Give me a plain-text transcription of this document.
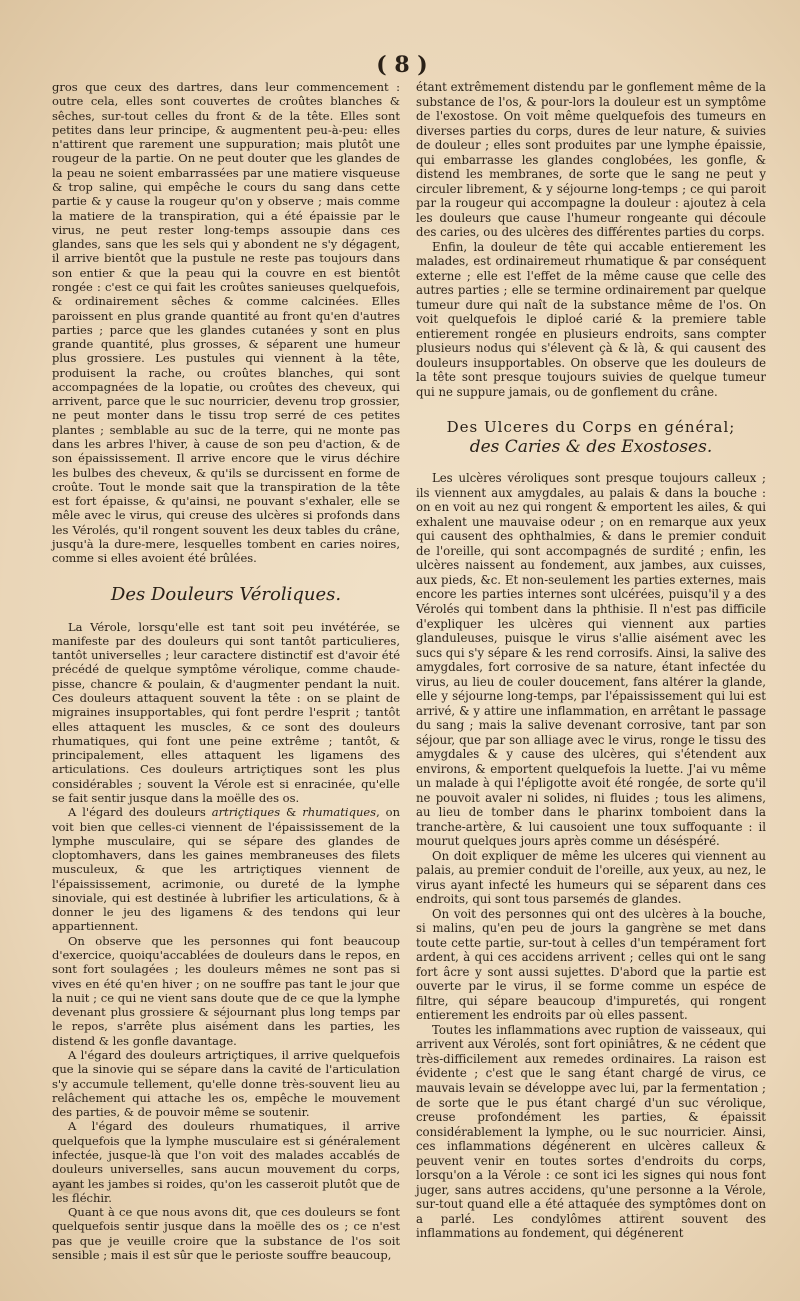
( 8 )

gros que ceux des dartres, dans leur commencement : outre cela, elles sont couvertes de croûtes blanches & sêches, sur-tout celles du front & de la tête. Elles sont petites dans leur principe, & augmentent peu-à-peu: elles n'attirent que rarement une suppuration; mais plutôt une rougeur de la partie. On ne peut douter que les glandes de la peau ne soient embarrassées par une matiere visqueuse & trop saline, qui empêche le cours du sang dans cette partie & y cause la rougeur qu'on y observe ; mais comme la matiere de la transpiration, qui a été épaissie par le virus, ne peut rester long-temps assoupie dans ces glandes, sans que les sels qui y abondent ne s'y dégagent, il arrive bientôt que la pustule ne reste pas toujours dans son entier & que la peau qui la couvre en est bientôt rongée : c'est ce qui fait les croûtes sanieuses quelquefois, & ordinairement sêches & comme calcinées. Elles paroissent en plus grande quantité au front qu'en d'autres parties ; parce que les glandes cutanées y sont en plus grande quantité, plus grosses, & séparent une humeur plus grossiere. Les pustules qui viennent à la tête, produisent la rache, ou croûtes blanches, qui sont accompagnées de la lopatie, ou croûtes des cheveux, qui arrivent, parce que le suc nourricier, devenu trop grossier, ne peut monter dans le tissu trop serré de ces petites plantes ; semblable au suc de la terre, qui ne monte pas dans les arbres l'hiver, à cause de son peu d'action, & de son épaississement. Il arrive encore que le virus déchire les bulbes des cheveux, & qu'ils se durcissent en forme de croûte. Tout le monde sait que la transpiration de la tête est fort épaisse, & qu'ainsi, ne pouvant s'exhaler, elle se mêle avec le virus, qui creuse des ulcères si profonds dans les Vérolés, qu'il rongent souvent les deux tables du crâne, jusqu'à la dure-mere, lesquelles tombent en caries noires, comme si elles avoient été brûlées.

Des Douleurs Véroliques.

La Vérole, lorsqu'elle est tant soit peu invétérée, se manifeste par des douleurs qui sont tantôt particulieres, tantôt universelles ; leur caractere distinctif est d'avoir été précédé de quelque symptôme vérolique, comme chaude-pisse, chancre & poulain, & d'augmenter pendant la nuit. Ces douleurs attaquent souvent la tête : on se plaint de migraines insupportables, qui font perdre l'esprit ; tantôt elles attaquent les muscles, & ce sont des douleurs rhumatiques, qui font une peine extrême ; tantôt, & principalement, elles attaquent les ligamens des articulations. Ces douleurs artriçtiques sont les plus considérables ; souvent la Vérole est si enracinée, qu'elle se fait sentir jusque dans la moëlle des os.

A l'égard des douleurs artriçtiques & rhumatiques, on voit bien que celles-ci viennent de l'épaississement de la lymphe musculaire, qui se sépare des glandes de cloptomhavers, dans les gaines membraneuses des filets musculeux, & que les artriçtiques viennent de l'épaississement, acrimonie, ou dureté de la lymphe sinoviale, qui est destinée à lubrifier les articulations, & à donner le jeu des ligamens & des tendons qui leur appartiennent.

On observe que les personnes qui font beaucoup d'exercice, quoiqu'accablées de douleurs dans le repos, en sont fort soulagées ; les douleurs mêmes ne sont pas si vives en été qu'en hiver ; on ne souffre pas tant le jour que la nuit ; ce qui ne vient sans doute que de ce que la lymphe devenant plus grossiere & séjournant plus long temps par le repos, s'arrête plus aisément dans les parties, les distend & les gonfle davantage.

A l'égard des douleurs artriçtiques, il arrive quelquefois que la sinovie qui se sépare dans la cavité de l'articulation s'y accumule tellement, qu'elle donne très-souvent lieu au relâchement qui attache les os, empêche le mouvement des parties, & de pouvoir même se soutenir.

A l'égard des douleurs rhumatiques, il arrive quelquefois que la lymphe musculaire est si généralement infectée, jusque-là que l'on voit des malades accablés de douleurs universelles, sans aucun mouvement du corps, ayant les jambes si roides, qu'on les casseroit plutôt que de les fléchir.

Quant à ce que nous avons dit, que ces douleurs se font quelquefois sentir jusque dans la moëlle des os ; ce n'est pas que je veuille croire que la substance de l'os soit sensible ; mais il est sûr que le perioste souffre beaucoup,

étant extrêmement distendu par le gonflement même de la substance de l'os, & pour-lors la douleur est un symptôme de l'exostose. On voit même quelquefois des tumeurs en diverses parties du corps, dures de leur nature, & suivies de douleur ; elles sont produites par une lymphe épaissie, qui embarrasse les glandes conglobées, les gonfle, & distend les membranes, de sorte que le sang ne peut y circuler librement, & y séjourne long-temps ; ce qui paroit par la rougeur qui accompagne la douleur : ajoutez à cela les douleurs que cause l'humeur rongeante qui découle des caries, ou des ulcères des différentes parties du corps.

Enfin, la douleur de tête qui accable entierement les malades, est ordinairemeut rhumatique & par conséquent externe ; elle est l'effet de la même cause que celle des autres parties ; elle se termine ordinairement par quelque tumeur dure qui naît de la substance même de l'os. On voit quelquefois le diploé carié & la premiere table entierement rongée en plusieurs endroits, sans compter plusieurs nodus qui s'élevent çà & là, & qui causent des douleurs insupportables. On observe que les douleurs de la tête sont presque toujours suivies de quelque tumeur qui ne suppure jamais, ou de gonflement du crâne.

Des Ulceres du Corps en général;
des Caries & des Exostoses.

Les ulcères véroliques sont presque toujours calleux ; ils viennent aux amygdales, au palais & dans la bouche : on en voit au nez qui rongent & emportent les ailes, & qui exhalent une mauvaise odeur ; on en remarque aux yeux qui causent des ophthalmies, & dans le premier conduit de l'oreille, qui sont accompagnés de surdité ; enfin, les ulcères naissent au fondement, aux jambes, aux cuisses, aux pieds, &c. Et non-seulement les parties externes, mais encore les parties internes sont ulcérées, puisqu'il y a des Vérolés qui tombent dans la phthisie. Il n'est pas difficile d'expliquer les ulcères qui viennent aux parties glanduleuses, puisque le virus s'allie aisément avec les sucs qui s'y sépare & les rend corrosifs. Ainsi, la salive des amygdales, fort corrosive de sa nature, étant infectée du virus, au lieu de couler doucement, fans altérer la glande, elle y séjourne long-temps, par l'épaississement qui lui est arrivé, & y attire une inflammation, en arrêtant le passage du sang ; mais la salive devenant corrosive, tant par son séjour, que par son alliage avec le virus, ronge le tissu des amygdales & y cause des ulcères, qui s'étendent aux environs, & emportent quelquefois la luette. J'ai vu même un malade à qui l'épligotte avoit été rongée, de sorte qu'il ne pouvoit avaler ni solides, ni fluides ; tous les alimens, au lieu de tomber dans le pharinx tomboient dans la tranche-artère, & lui causoient une toux suffoquante : il mourut quelques jours après comme un déséspéré.

On doit expliquer de même les ulceres qui viennent au palais, au premier conduit de l'oreille, aux yeux, au nez, le virus ayant infecté les humeurs qui se séparent dans ces endroits, qui sont tous parsemés de glandes.

On voit des personnes qui ont des ulcères à la bouche, si malins, qu'en peu de jours la gangrène se met dans toute cette partie, sur-tout à celles d'un tempérament fort ardent, à qui ces accidens arrivent ; celles qui ont le sang fort âcre y sont aussi sujettes. D'abord que la partie est ouverte par le virus, il se forme comme un espéce de filtre, qui sépare beaucoup d'impuretés, qui rongent entierement les endroits par où elles passent.

Toutes les inflammations avec ruption de vaisseaux, qui arrivent aux Vérolés, sont fort opiniâtres, & ne cédent que très-difficilement aux remedes ordinaires. La raison est évidente ; c'est que le sang étant chargé de virus, ce mauvais levain se développe avec lui, par la fermentation ; de sorte que le pus étant chargé d'un suc vérolique, creuse profondément les parties, & épaissit considérablement la lymphe, ou le suc nourricier. Ainsi, ces inflammations dégénerent en ulcères calleux & peuvent venir en toutes sortes d'endroits du corps, lorsqu'on a la Vérole : ce sont ici les signes qui nous font juger, sans autres accidens, qu'une personne a la Vérole, sur-tout quand elle a été attaquée des symptômes dont on a parlé. Les condylômes attirent souvent des inflammations au fondement, qui dégénerent
